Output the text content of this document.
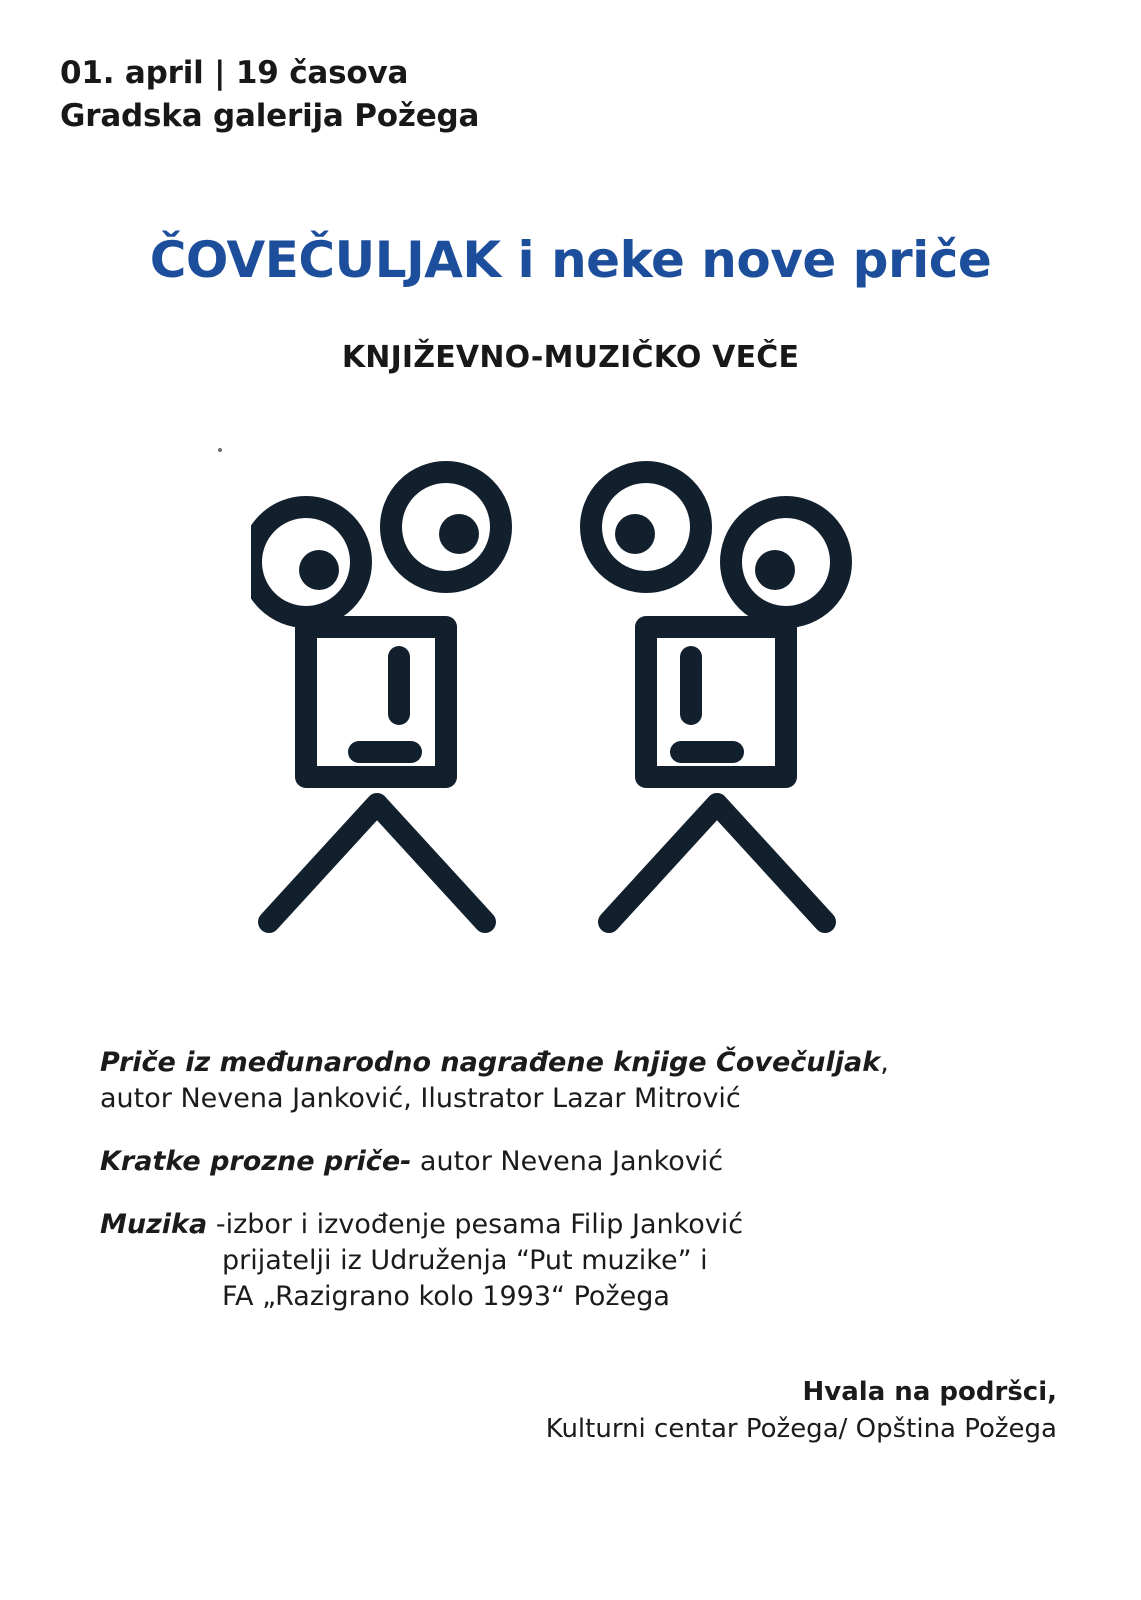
01. april | 19 časova
Gradska galerija Požega
ČOVEČULJAK i neke nove priče
KNJIŽEVNO-MUZIČKO VEČE

Priče iz međunarodno nagrađene knjige Čovečuljak,
autor Nevena Janković, Ilustrator Lazar Mitrović

Kratke prozne priče- autor Nevena Janković

Muzika -izbor i izvođenje pesama Filip Janković
prijatelji iz Udruženja “Put muzike” i
FA „Razigrano kolo 1993“ Požega

Hvala na podršci,
Kulturni centar Požega/ Opština Požega
